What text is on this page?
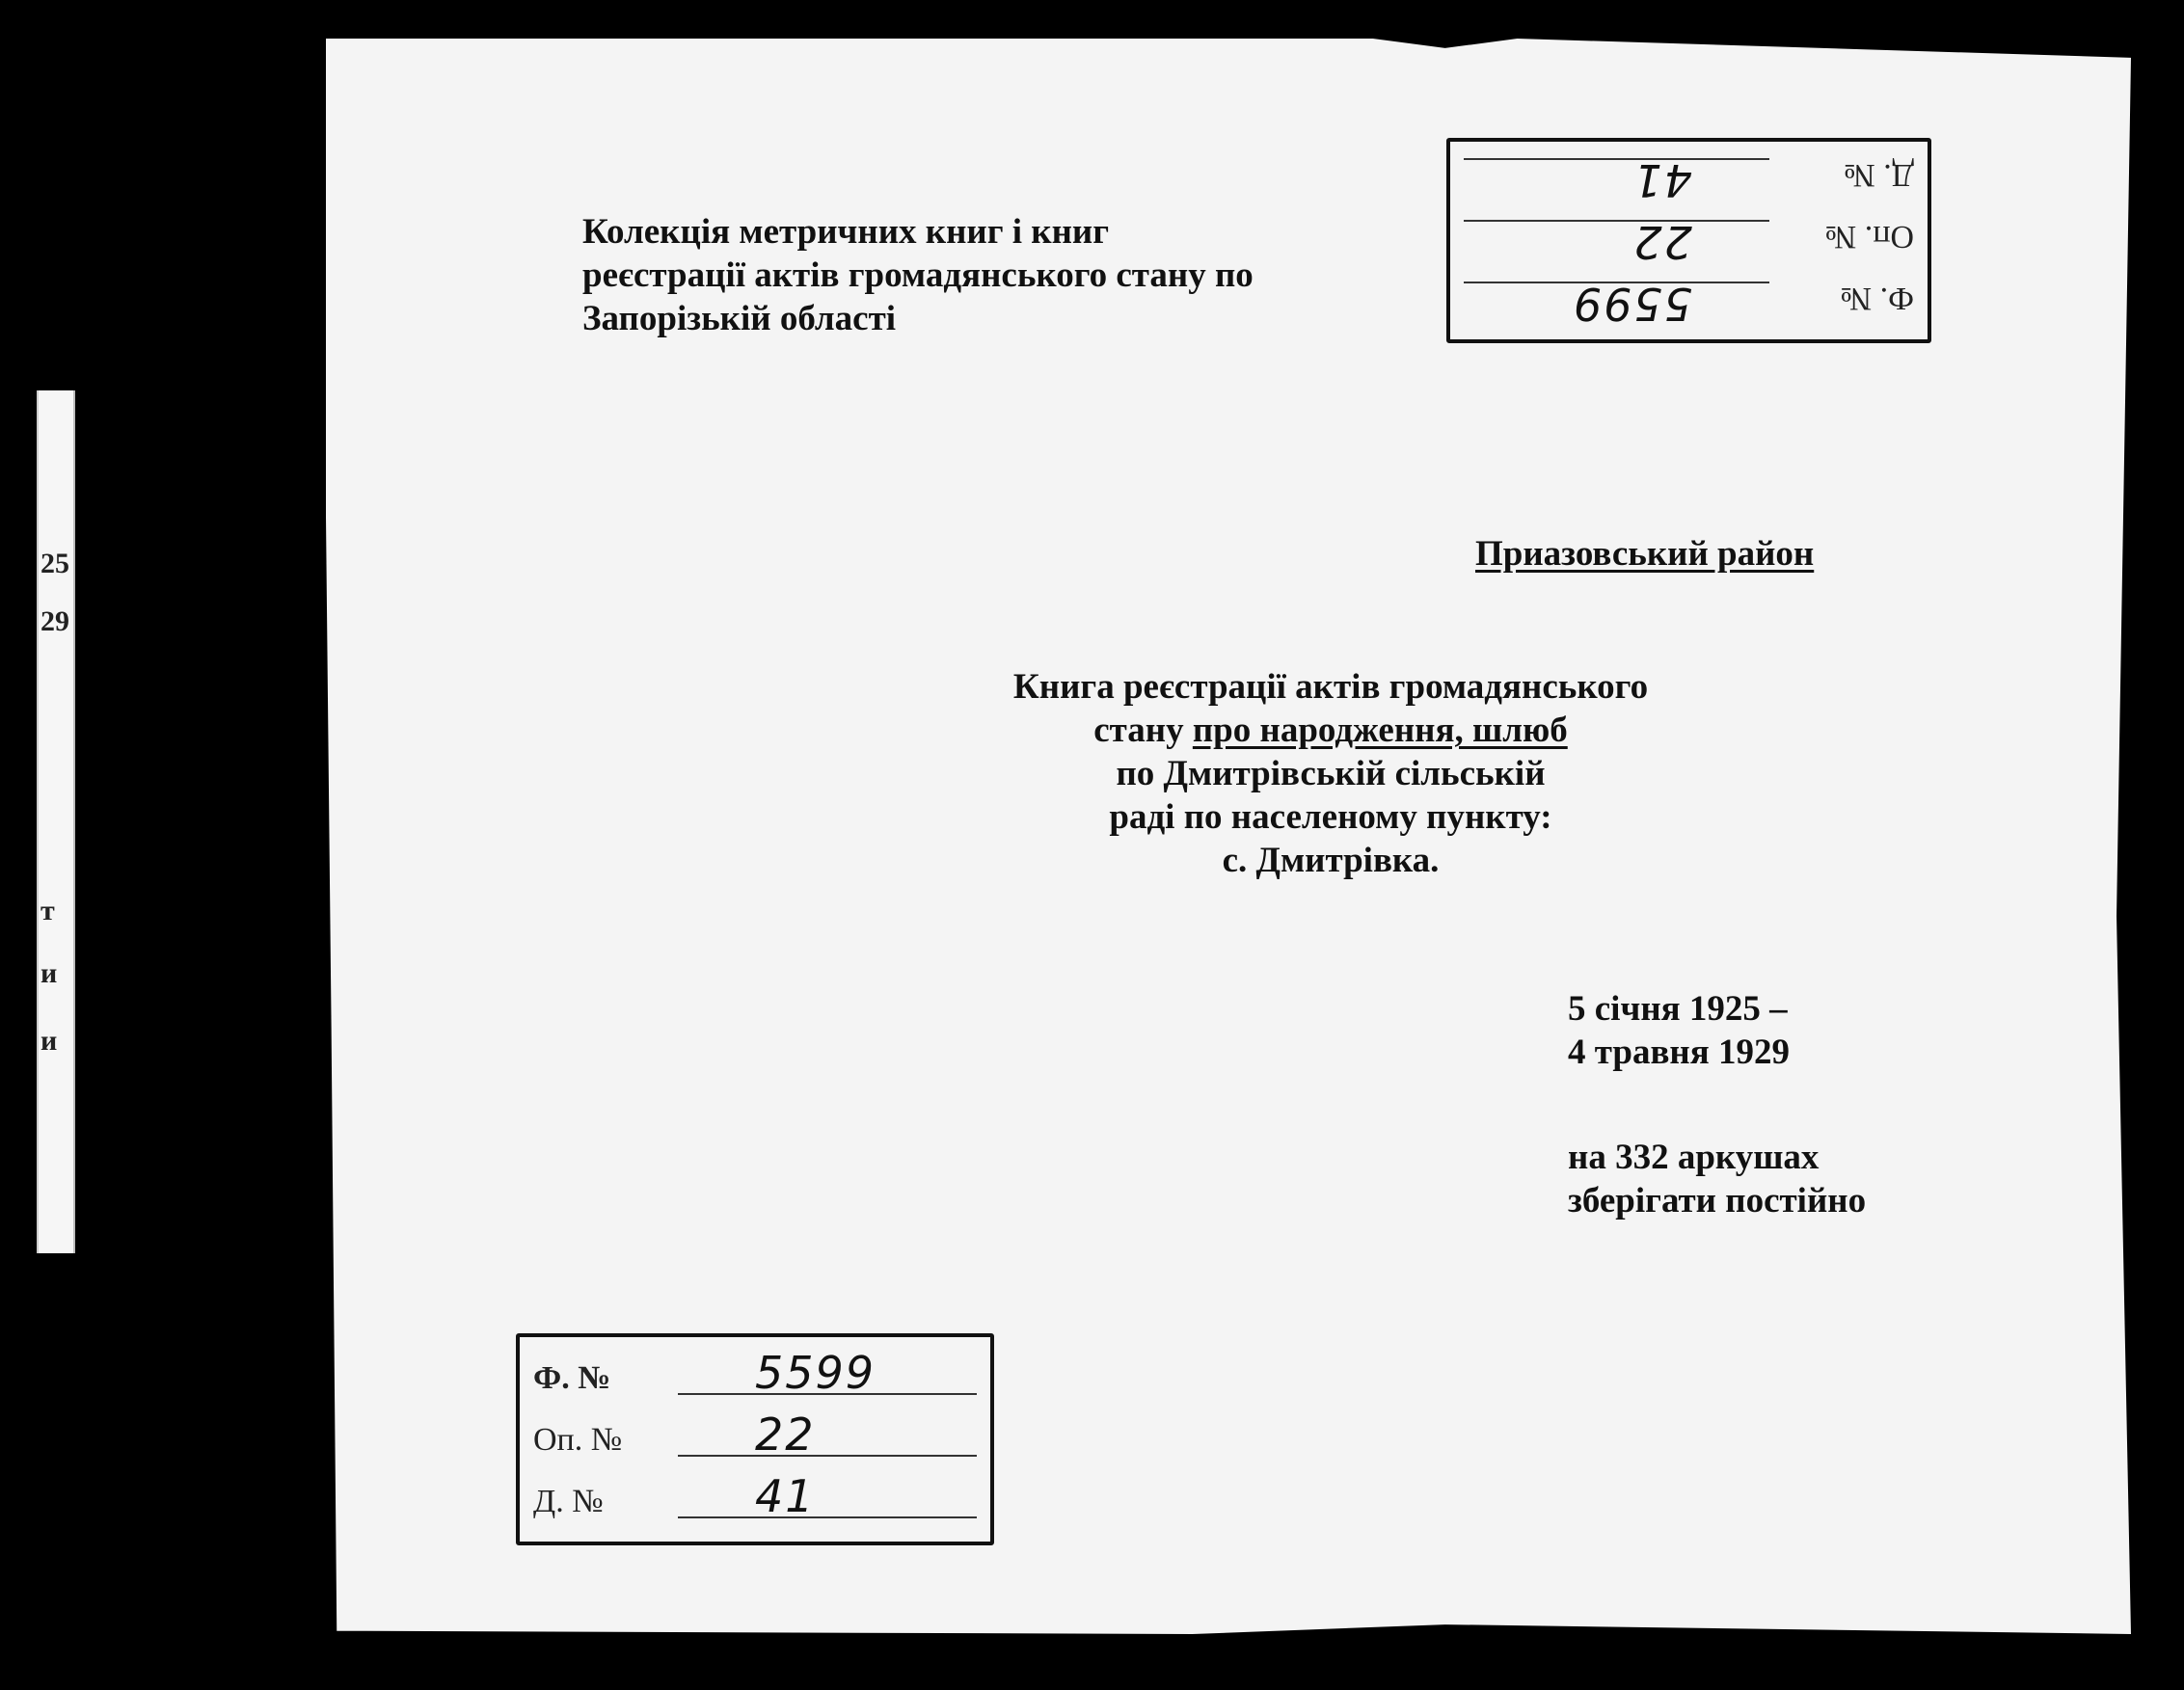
25
29
т
и
и
Колекція метричних книг і книг реєстрації актів громадянського стану по Запорізькій області
Приазовський район
Книга реєстрації актів громадянського
стану про народження, шлюб
по Дмитрівській сільській
раді по населеному пункту:
с. Дмитрівка.
5 січня 1925 –
4 травня 1929
на 332 аркушах
зберігати постійно
Ф. №
5599
Оп. №
22
Д. №
41
Ф. №	5599
Оп. №	22
Д. №	41
